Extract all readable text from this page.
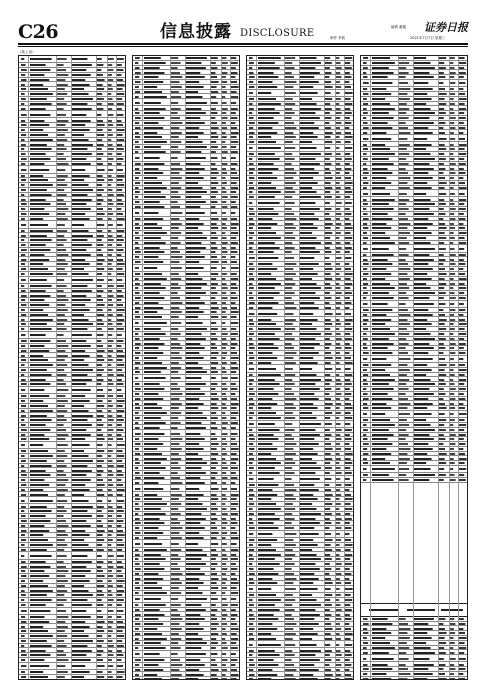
C26	信息披露 DISCLOSURE
编辑 董鑫 证券日报
制作 李波	2021年7月7日 星期三
（续上表）
